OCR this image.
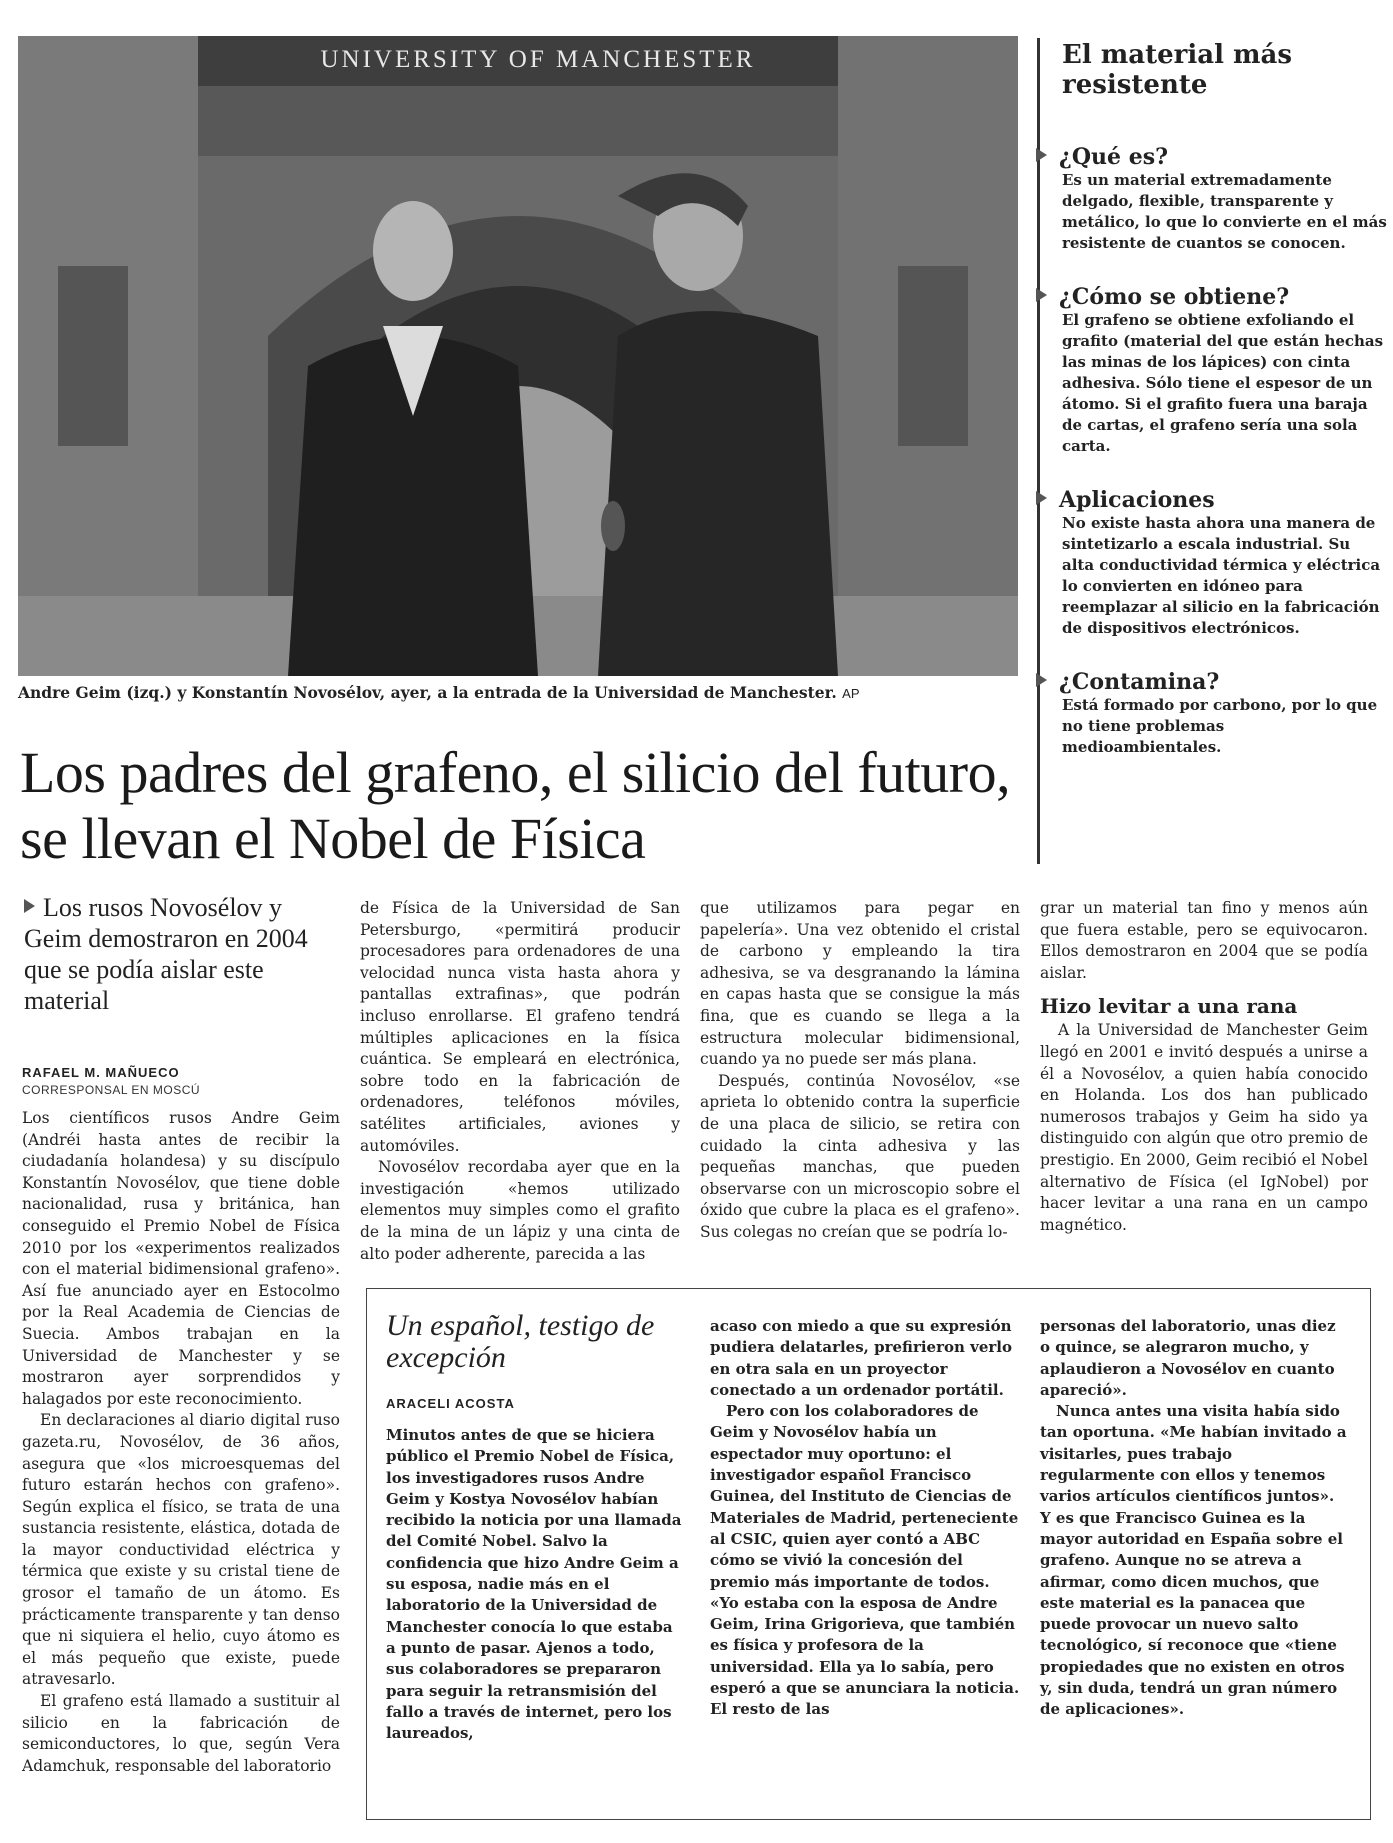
UNIVERSITY OF MANCHESTER
Andre Geim (izq.) y Konstantín Novosélov, ayer, a la entrada de la Universidad de Manchester. AP
El material más resistente
¿Qué es?
Es un material extremadamente delgado, flexible, transparente y metálico, lo que lo convierte en el más resistente de cuantos se conocen.
¿Cómo se obtiene?
El grafeno se obtiene exfoliando el grafito (material del que están hechas las minas de los lápices) con cinta adhesiva. Sólo tiene el espesor de un átomo. Si el grafito fuera una baraja de cartas, el grafeno sería una sola carta.
Aplicaciones
No existe hasta ahora una manera de sintetizarlo a escala industrial. Su alta conductividad térmica y eléctrica lo convierten en idóneo para reemplazar al silicio en la fabricación de dispositivos electrónicos.
¿Contamina?
Está formado por carbono, por lo que no tiene problemas medioambientales.
Los padres del grafeno, el silicio del futuro, se llevan el Nobel de Física
Los rusos Novosélov y Geim demostraron en 2004 que se podía aislar este material
RAFAEL M. MAÑUECO
CORRESPONSAL EN MOSCÚ

Los científicos rusos Andre Geim (Andréi hasta antes de recibir la ciudadanía holandesa) y su discípulo Konstantín Novosélov, que tiene doble nacionalidad, rusa y británica, han conseguido el Premio Nobel de Física 2010 por los «experimentos realizados con el material bidimensional grafeno». Así fue anunciado ayer en Estocolmo por la Real Academia de Ciencias de Suecia. Ambos trabajan en la Universidad de Manchester y se mostraron ayer sorprendidos y halagados por este reconocimiento.

En declaraciones al diario digital ruso gazeta.ru, Novosélov, de 36 años, asegura que «los microesquemas del futuro estarán hechos con grafeno». Según explica el físico, se trata de una sustancia resistente, elástica, dotada de la mayor conductividad eléctrica y térmica que existe y su cristal tiene de grosor el tamaño de un átomo. Es prácticamente transparente y tan denso que ni siquiera el helio, cuyo átomo es el más pequeño que existe, puede atravesarlo.

El grafeno está llamado a sustituir al silicio en la fabricación de semiconductores, lo que, según Vera Adamchuk, responsable del laboratorio

de Física de la Universidad de San Petersburgo, «permitirá producir procesadores para ordenadores de una velocidad nunca vista hasta ahora y pantallas extrafinas», que podrán incluso enrollarse. El grafeno tendrá múltiples aplicaciones en la física cuántica. Se empleará en electrónica, sobre todo en la fabricación de ordenadores, teléfonos móviles, satélites artificiales, aviones y automóviles.

Novosélov recordaba ayer que en la investigación «hemos utilizado elementos muy simples como el grafito de la mina de un lápiz y una cinta de alto poder adherente, parecida a las

que utilizamos para pegar en papelería». Una vez obtenido el cristal de carbono y empleando la tira adhesiva, se va desgranando la lámina en capas hasta que se consigue la más fina, que es cuando se llega a la estructura molecular bidimensional, cuando ya no puede ser más plana.

Después, continúa Novosélov, «se aprieta lo obtenido contra la superficie de una placa de silicio, se retira con cuidado la cinta adhesiva y las pequeñas manchas, que pueden observarse con un microscopio sobre el óxido que cubre la placa es el grafeno». Sus colegas no creían que se podría lo-

grar un material tan fino y menos aún que fuera estable, pero se equivocaron. Ellos demostraron en 2004 que se podía aislar.

Hizo levitar a una rana

A la Universidad de Manchester Geim llegó en 2001 e invitó después a unirse a él a Novosélov, a quien había conocido en Holanda. Los dos han publicado numerosos trabajos y Geim ha sido ya distinguido con algún que otro premio de prestigio. En 2000, Geim recibió el Nobel alternativo de Física (el IgNobel) por hacer levitar a una rana en un campo magnético.

Un español, testigo de excepción
ARACELI ACOSTA

Minutos antes de que se hiciera público el Premio Nobel de Física, los investigadores rusos Andre Geim y Kostya Novosélov habían recibido la noticia por una llamada del Comité Nobel. Salvo la confidencia que hizo Andre Geim a su esposa, nadie más en el laboratorio de la Universidad de Manchester conocía lo que estaba a punto de pasar. Ajenos a todo, sus colaboradores se prepararon para seguir la retransmisión del fallo a través de internet, pero los laureados,

acaso con miedo a que su expresión pudiera delatarles, prefirieron verlo en otra sala en un proyector conectado a un ordenador portátil.

Pero con los colaboradores de Geim y Novosélov había un espectador muy oportuno: el investigador español Francisco Guinea, del Instituto de Ciencias de Materiales de Madrid, perteneciente al CSIC, quien ayer contó a ABC cómo se vivió la concesión del premio más importante de todos. «Yo estaba con la esposa de Andre Geim, Irina Grigorieva, que también es física y profesora de la universidad. Ella ya lo sabía, pero esperó a que se anunciara la noticia. El resto de las

personas del laboratorio, unas diez o quince, se alegraron mucho, y aplaudieron a Novosélov en cuanto apareció».

Nunca antes una visita había sido tan oportuna. «Me habían invitado a visitarles, pues trabajo regularmente con ellos y tenemos varios artículos científicos juntos». Y es que Francisco Guinea es la mayor autoridad en España sobre el grafeno. Aunque no se atreva a afirmar, como dicen muchos, que este material es la panacea que puede provocar un nuevo salto tecnológico, sí reconoce que «tiene propiedades que no existen en otros y, sin duda, tendrá un gran número de aplicaciones».
